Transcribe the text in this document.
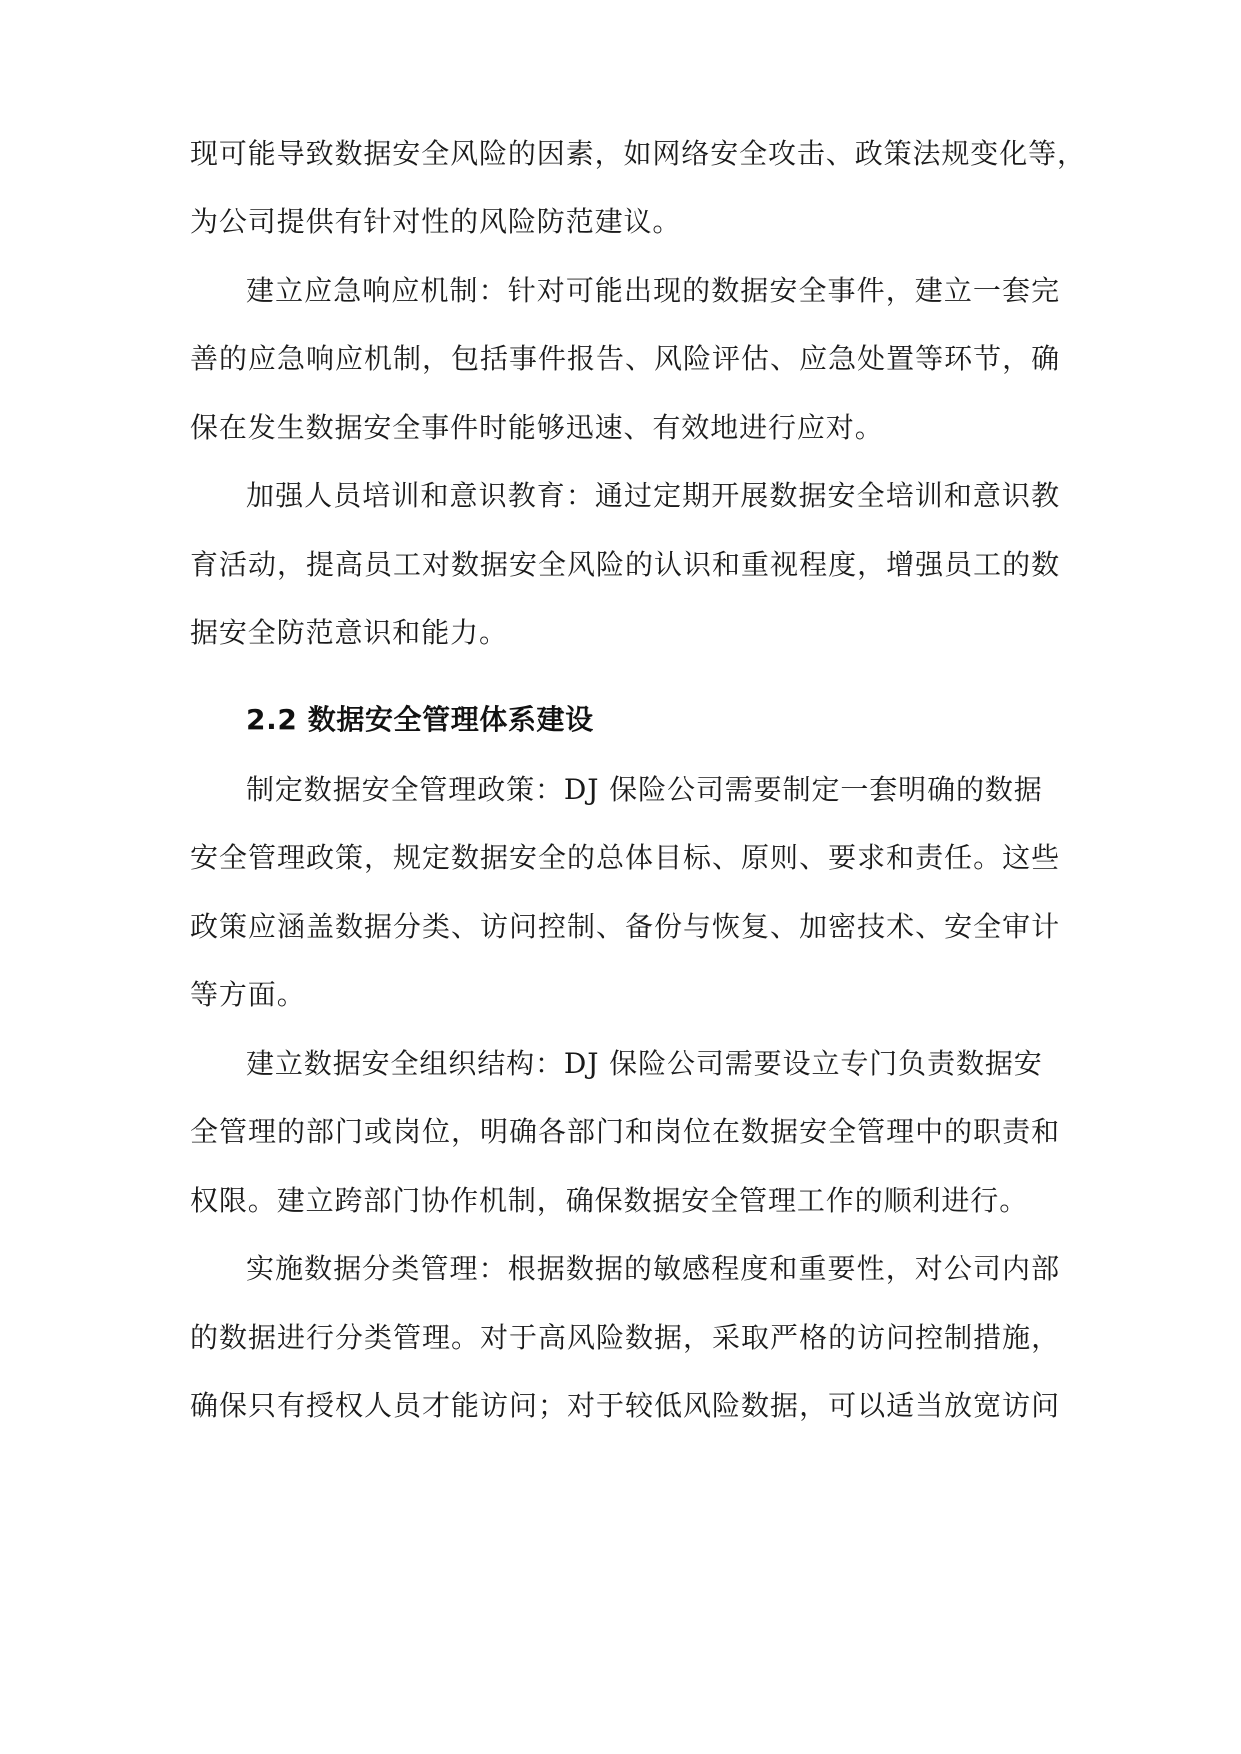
现可能导致数据安全风险的因素，如网络安全攻击、政策法规变化等，
为公司提供有针对性的风险防范建议。
建立应急响应机制：针对可能出现的数据安全事件，建立一套完
善的应急响应机制，包括事件报告、风险评估、应急处置等环节，确
保在发生数据安全事件时能够迅速、有效地进行应对。
加强人员培训和意识教育：通过定期开展数据安全培训和意识教
育活动，提高员工对数据安全风险的认识和重视程度，增强员工的数
据安全防范意识和能力。
2.2 数据安全管理体系建设
制定数据安全管理政策：DJ 保险公司需要制定一套明确的数据
安全管理政策，规定数据安全的总体目标、原则、要求和责任。这些
政策应涵盖数据分类、访问控制、备份与恢复、加密技术、安全审计
等方面。
建立数据安全组织结构：DJ 保险公司需要设立专门负责数据安
全管理的部门或岗位，明确各部门和岗位在数据安全管理中的职责和
权限。建立跨部门协作机制，确保数据安全管理工作的顺利进行。
实施数据分类管理：根据数据的敏感程度和重要性，对公司内部
的数据进行分类管理。对于高风险数据，采取严格的访问控制措施，
确保只有授权人员才能访问；对于较低风险数据，可以适当放宽访问
